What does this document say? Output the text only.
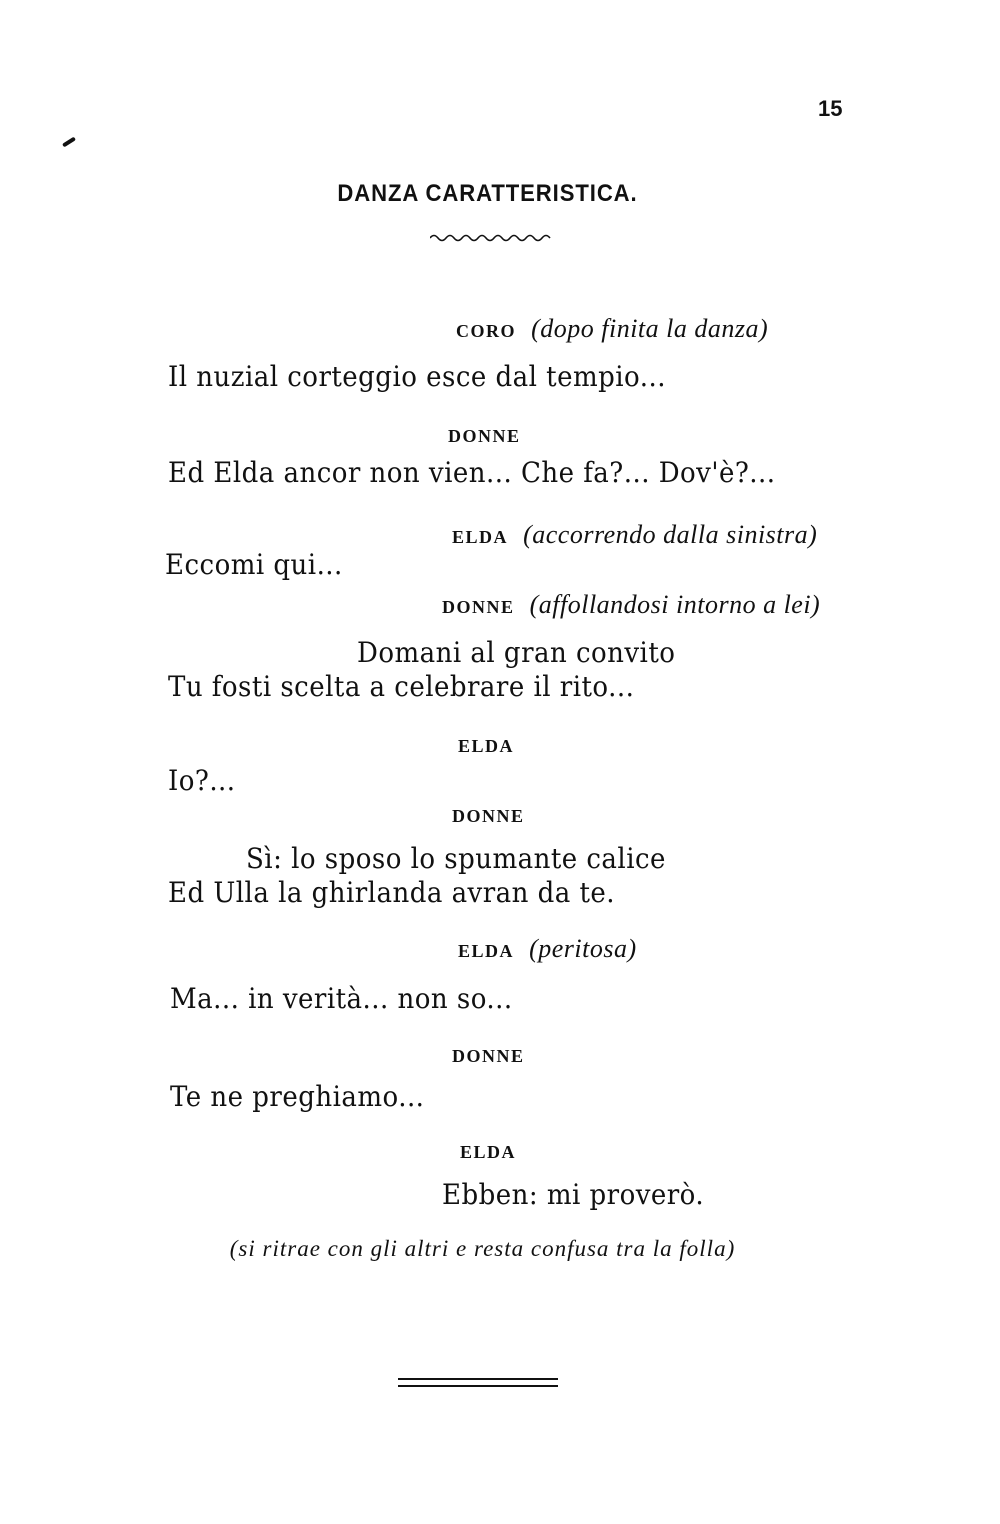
15
DANZA CARATTERISTICA.
CORO (dopo finita la danza)
Il nuzial corteggio esce dal tempio...
DONNE
Ed Elda ancor non vien... Che fa?... Dov'è?...
ELDA (accorrendo dalla sinistra)
Eccomi qui...
DONNE (affollandosi intorno a lei)
Domani al gran convito
Tu fosti scelta a celebrare il rito...
ELDA
Io?...
DONNE
Sì: lo sposo lo spumante calice
Ed Ulla la ghirlanda avran da te.
ELDA (peritosa)
Ma... in verità... non so...
DONNE
Te ne preghiamo...
ELDA
Ebben: mi proverò.
(si ritrae con gli altri e resta confusa tra la folla)
